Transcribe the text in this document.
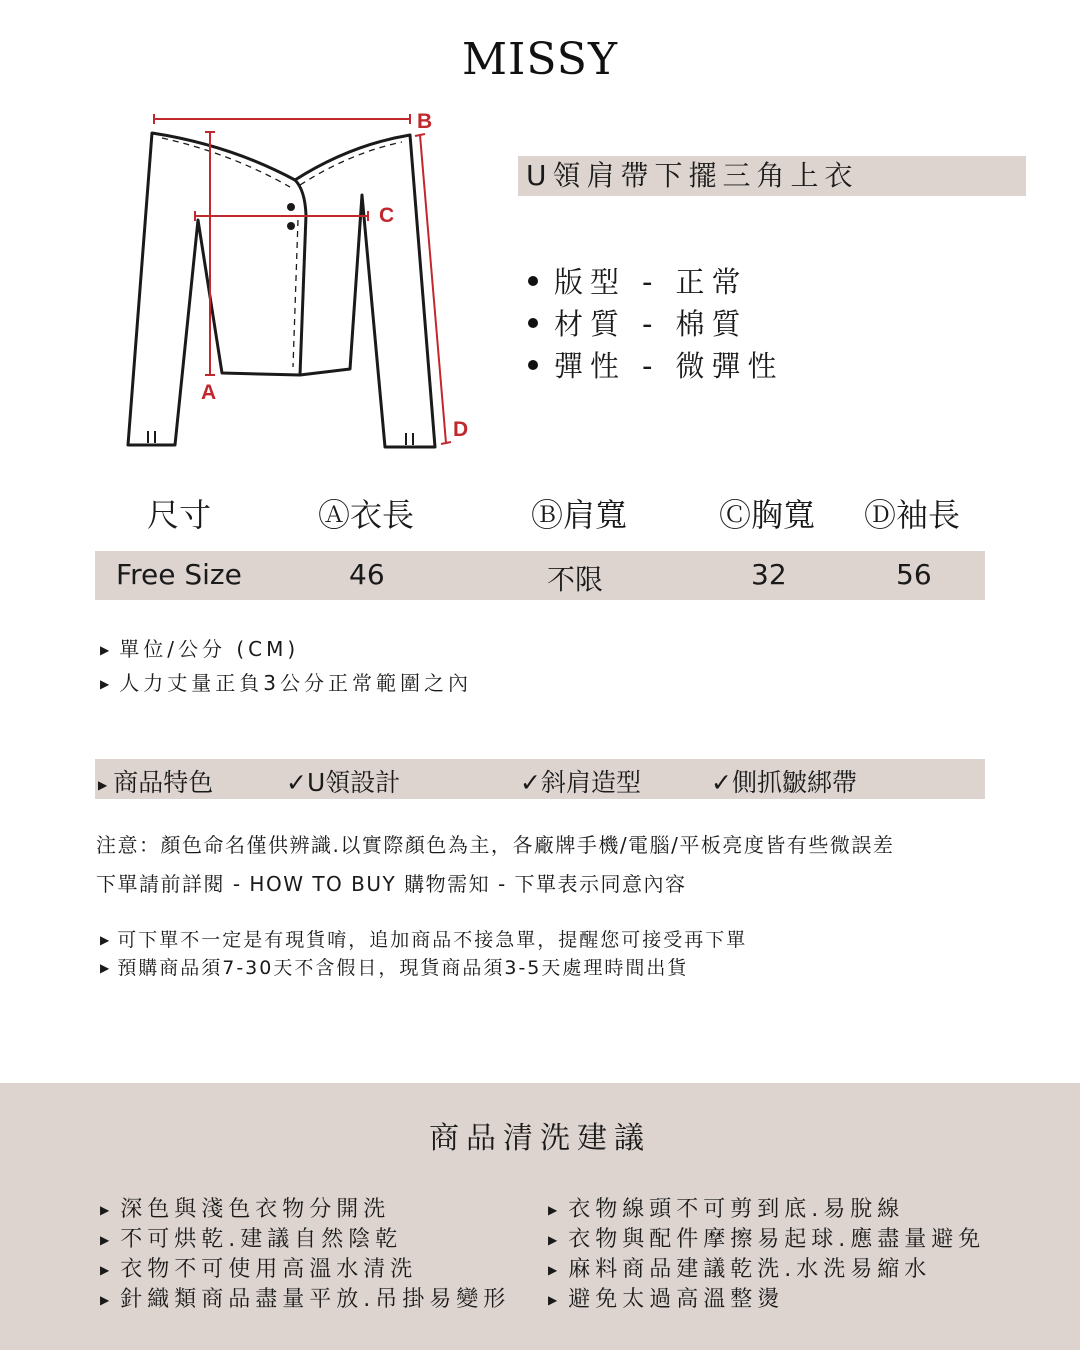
MISSY
A
B
C
D
U領肩帶下擺三角上衣
版型 - 正常
材質 - 棉質
彈性 - 微彈性
尺寸	Ⓐ衣長	Ⓑ肩寬	Ⓒ胸寬 Ⓓ袖長
Free Size	46	不限	32	56
▶ 單位/公分 (CM)
▶ 人力丈量正負3公分正常範圍之內
▶ 商品特色	✓U領設計	✓斜肩造型	✓側抓皺綁帶
注意：顏色命名僅供辨識.以實際顏色為主，各廠牌手機/電腦/平板亮度皆有些微誤差
下單請前詳閱 - HOW TO BUY 購物需知 - 下單表示同意內容
▶ 可下單不一定是有現貨唷，追加商品不接急單，提醒您可接受再下單
▶ 預購商品須7-30天不含假日，現貨商品須3-5天處理時間出貨
商品清洗建議
▶ 深色與淺色衣物分開洗
▶ 不可烘乾.建議自然陰乾
▶ 衣物不可使用高溫水清洗
▶ 針織類商品盡量平放.吊掛易變形
▶ 衣物線頭不可剪到底.易脫線
▶ 衣物與配件摩擦易起球.應盡量避免
▶ 麻料商品建議乾洗.水洗易縮水
▶ 避免太過高溫整燙
